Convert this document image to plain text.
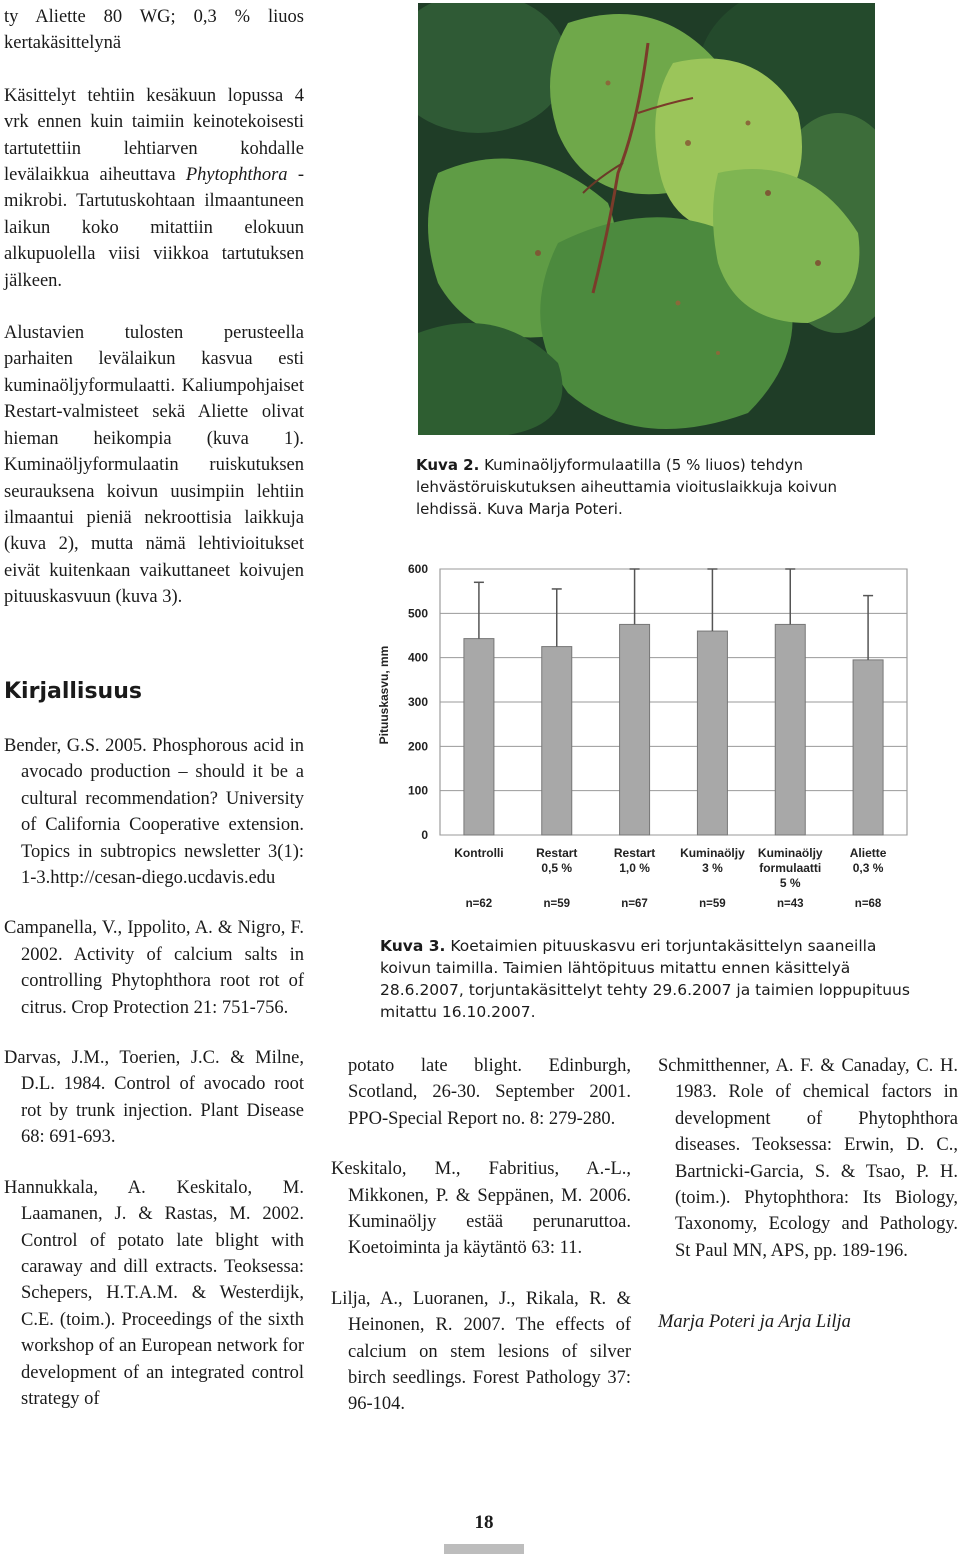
ty Aliette 80 WG; 0,3 % liuos kertakäsittelynä

Käsittelyt tehtiin kesäkuun lopussa 4 vrk ennen kuin taimiin keinotekoisesti tartutettiin lehtiarven kohdalle levälaikkua aiheuttava Phytophthora -mikrobi. Tartutuskohtaan ilmaantuneen laikun koko mitattiin elokuun alkupuolella viisi viikkoa tartutuksen jälkeen.

Alustavien tulosten perusteella parhaiten levälaikun kasvua esti kuminaöljyformulaatti. Kaliumpohjaiset Restart-valmisteet sekä Aliette olivat hieman heikompia (kuva 1). Kuminaöljyformulaatin ruiskutuksen seurauksena koivun uusimpiin lehtiin ilmaantui pieniä nekroottisia laikkuja (kuva 2), mutta nämä lehtivioitukset eivät kuitenkaan vaikuttaneet koivujen pituuskasvuun (kuva 3).

Kirjallisuus

Bender, G.S. 2005. Phosphorous acid in avocado production – should it be a cultural recommendation? University of California Cooperative extension. Topics in subtropics newsletter 3(1): 1-3.http://cesan-diego.ucdavis.edu

Campanella, V., Ippolito, A. & Nigro, F. 2002. Activity of calcium salts in controlling Phytophthora root rot of citrus. Crop Protection 21: 751-756.

Darvas, J.M., Toerien, J.C. & Milne, D.L. 1984. Control of avocado root rot by trunk injection. Plant Disease 68: 691-693.

Hannukkala, A. Keskitalo, M. Laamanen, J. & Rastas, M. 2002. Control of potato late blight with caraway and dill extracts. Teoksessa: Schepers, H.T.A.M. & Westerdijk, C.E. (toim.). Proceedings of the sixth workshop of an European network for development of an integrated control strategy of

Kuva 2. Kuminaöljyformulaatilla (5 % liuos) tehdyn lehvästöruiskutuksen aiheuttamia vioituslaikkuja koivun lehdissä. Kuva Marja Poteri.

0
100
200
300
400
500
600
Kontrolli
n=62
Restart
0,5 %
n=59
Restart
1,0 %
n=67
Kuminaöljy
3 %
n=59
Kuminaöljy
formulaatti
5 %
n=43
Aliette
0,3 %
n=68
Pituuskasvu, mm

Kuva 3. Koetaimien pituuskasvu eri torjuntakäsittelyn saaneilla koivun taimilla. Taimien lähtöpituus mitattu ennen käsittelyä 28.6.2007, torjuntakäsittelyt tehty 29.6.2007 ja taimien loppupituus mitattu 16.10.2007.

potato late blight. Edinburgh, Scotland, 26-30. September 2001. PPO-Special Report no. 8: 279-280.

Keskitalo, M., Fabritius, A.-L., Mikkonen, P. & Seppänen, M. 2006. Kuminaöljy estää perunaruttoa. Koetoiminta ja käytäntö 63: 11.

Lilja, A., Luoranen, J., Rikala, R. & Heinonen, R. 2007. The effects of calcium on stem lesions of silver birch seedlings. Forest Pathology 37: 96-104.

Schmitthenner, A. F. & Canaday, C. H. 1983. Role of chemical factors in development of Phytophthora diseases. Teoksessa: Erwin, D. C., Bartnicki-Garcia, S. & Tsao, P. H. (toim.). Phytophthora: Its Biology, Taxonomy, Ecology and Pathology. St Paul MN, APS, pp. 189-196.

Marja Poteri ja Arja Lilja

18
